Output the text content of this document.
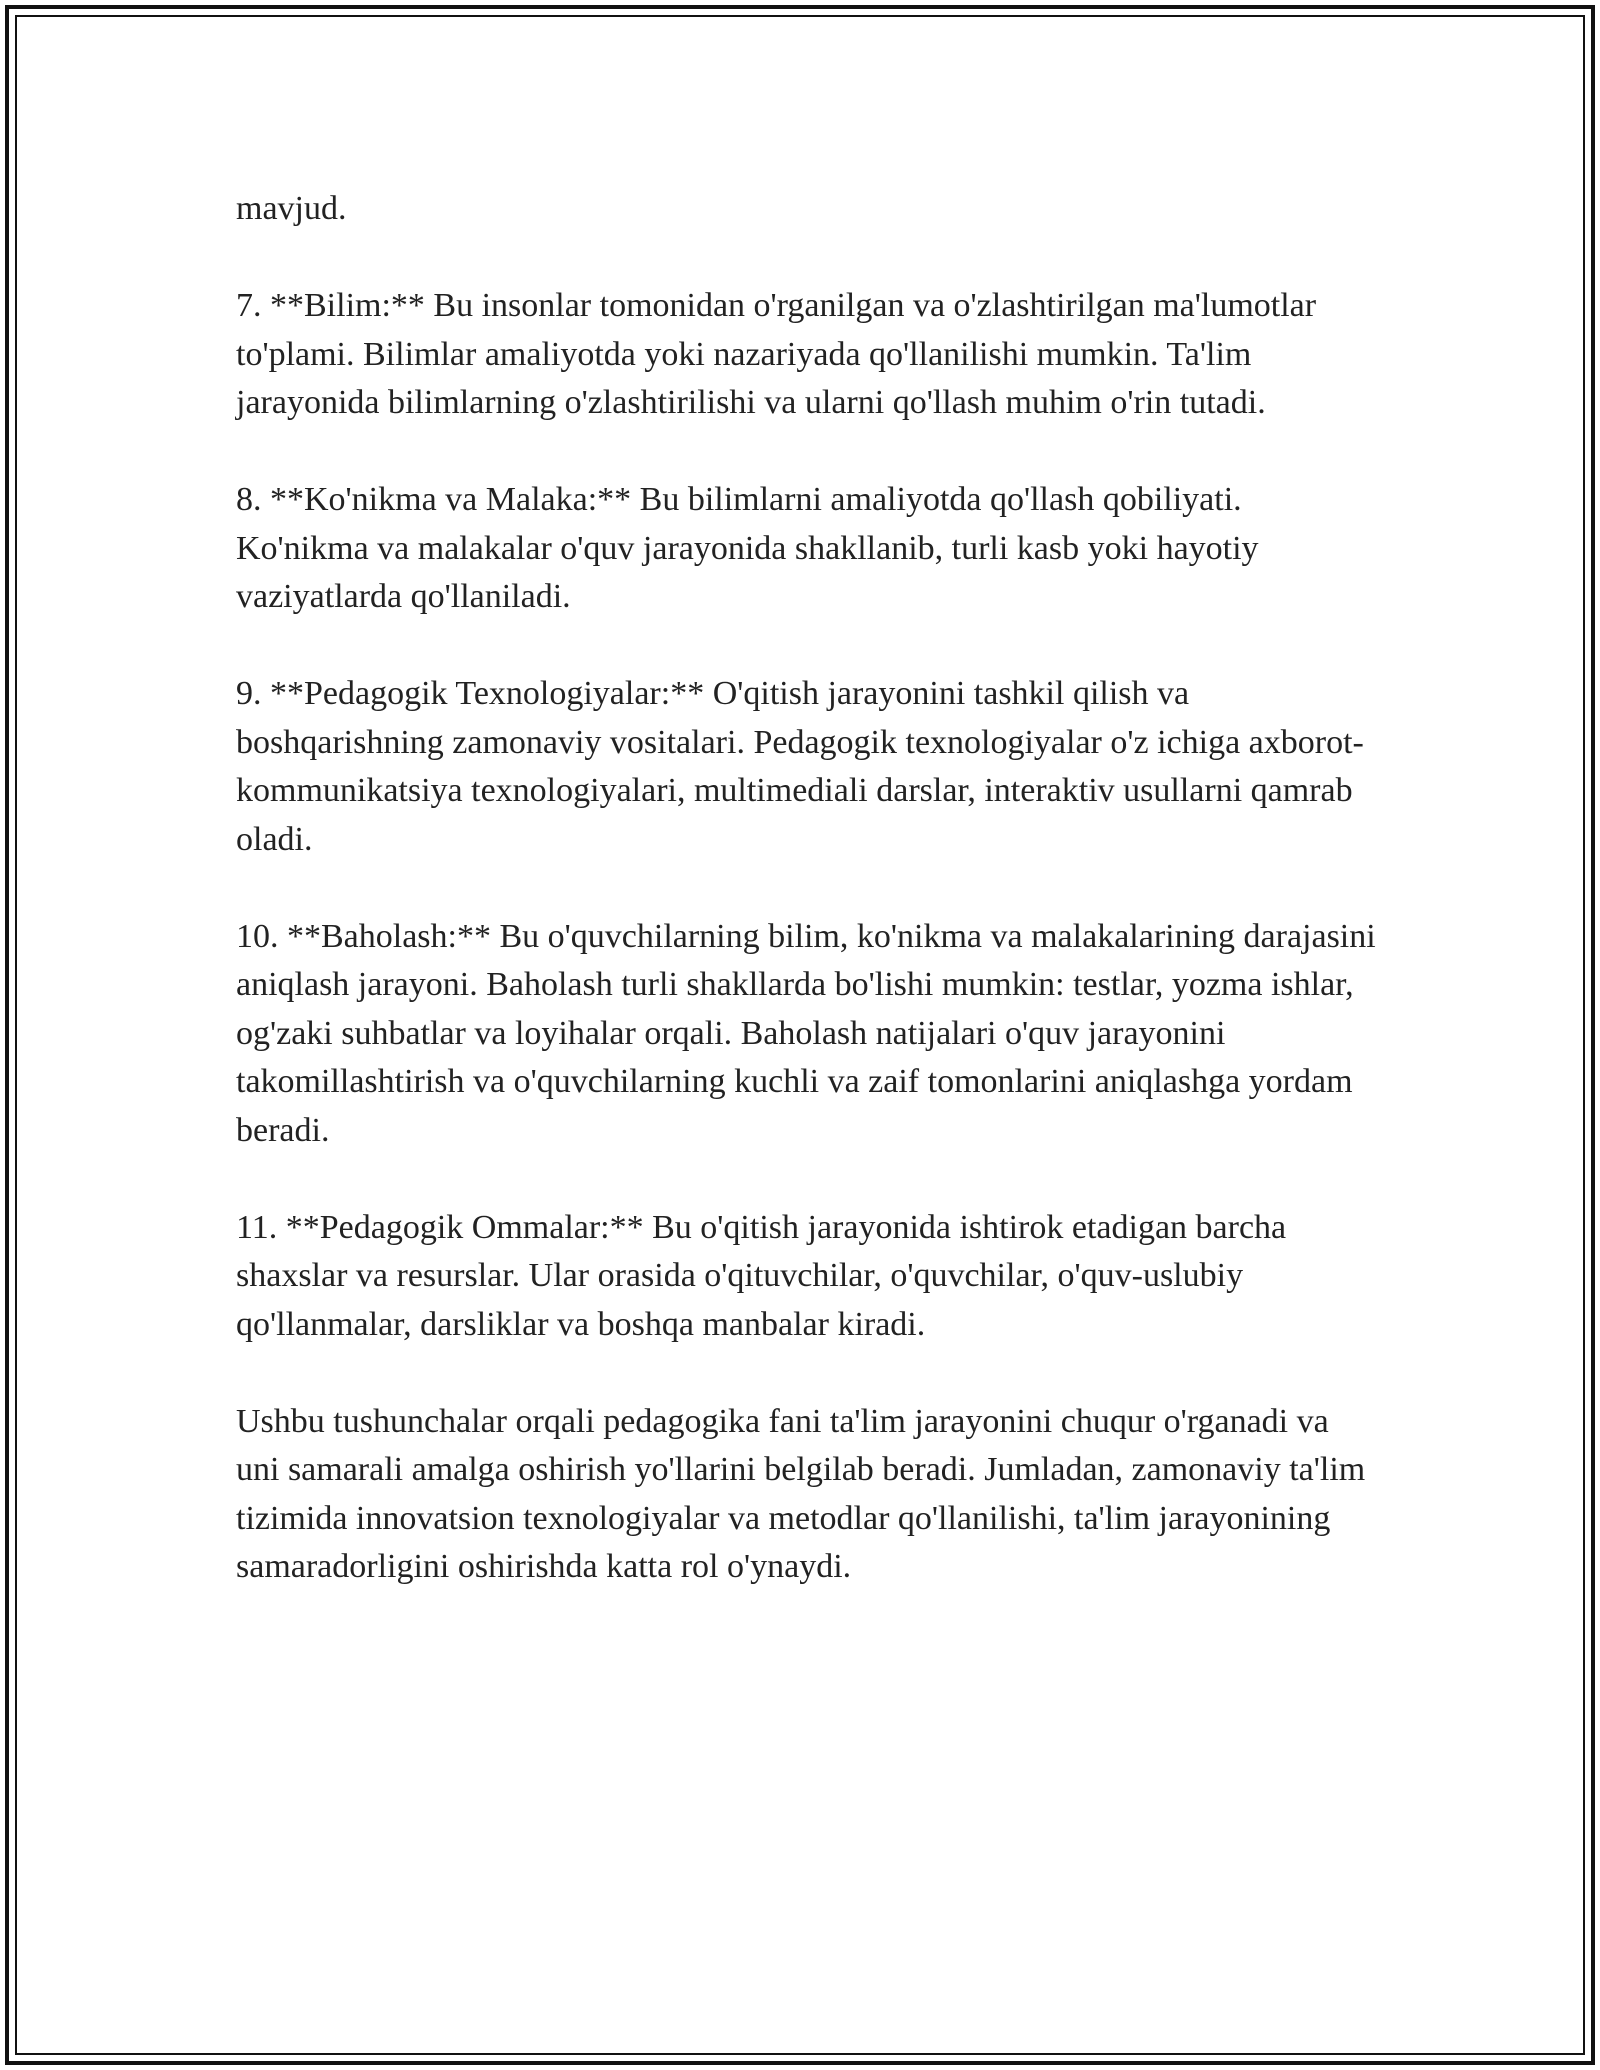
mavjud.

7. **Bilim:** Bu insonlar tomonidan o'rganilgan va o'zlashtirilgan ma'lumotlar to'plami. Bilimlar amaliyotda yoki nazariyada qo'llanilishi mumkin. Ta'lim jarayonida bilimlarning o'zlashtirilishi va ularni qo'llash muhim o'rin tutadi.

8. **Ko'nikma va Malaka:** Bu bilimlarni amaliyotda qo'llash qobiliyati. Ko'nikma va malakalar o'quv jarayonida shakllanib, turli kasb yoki hayotiy vaziyatlarda qo'llaniladi.

9. **Pedagogik Texnologiyalar:** O'qitish jarayonini tashkil qilish va boshqarishning zamonaviy vositalari. Pedagogik texnologiyalar o'z ichiga axborot-kommunikatsiya texnologiyalari, multimediali darslar, interaktiv usullarni qamrab oladi.

10. **Baholash:** Bu o'quvchilarning bilim, ko'nikma va malakalarining darajasini aniqlash jarayoni. Baholash turli shakllarda bo'lishi mumkin: testlar, yozma ishlar, og'zaki suhbatlar va loyihalar orqali. Baholash natijalari o'quv jarayonini takomillashtirish va o'quvchilarning kuchli va zaif tomonlarini aniqlashga yordam beradi.

11. **Pedagogik Ommalar:** Bu o'qitish jarayonida ishtirok etadigan barcha shaxslar va resurslar. Ular orasida o'qituvchilar, o'quvchilar, o'quv-uslubiy qo'llanmalar, darsliklar va boshqa manbalar kiradi.

Ushbu tushunchalar orqali pedagogika fani ta'lim jarayonini chuqur o'rganadi va uni samarali amalga oshirish yo'llarini belgilab beradi. Jumladan, zamonaviy ta'lim tizimida innovatsion texnologiyalar va metodlar qo'llanilishi, ta'lim jarayonining samaradorligini oshirishda katta rol o'ynaydi.
